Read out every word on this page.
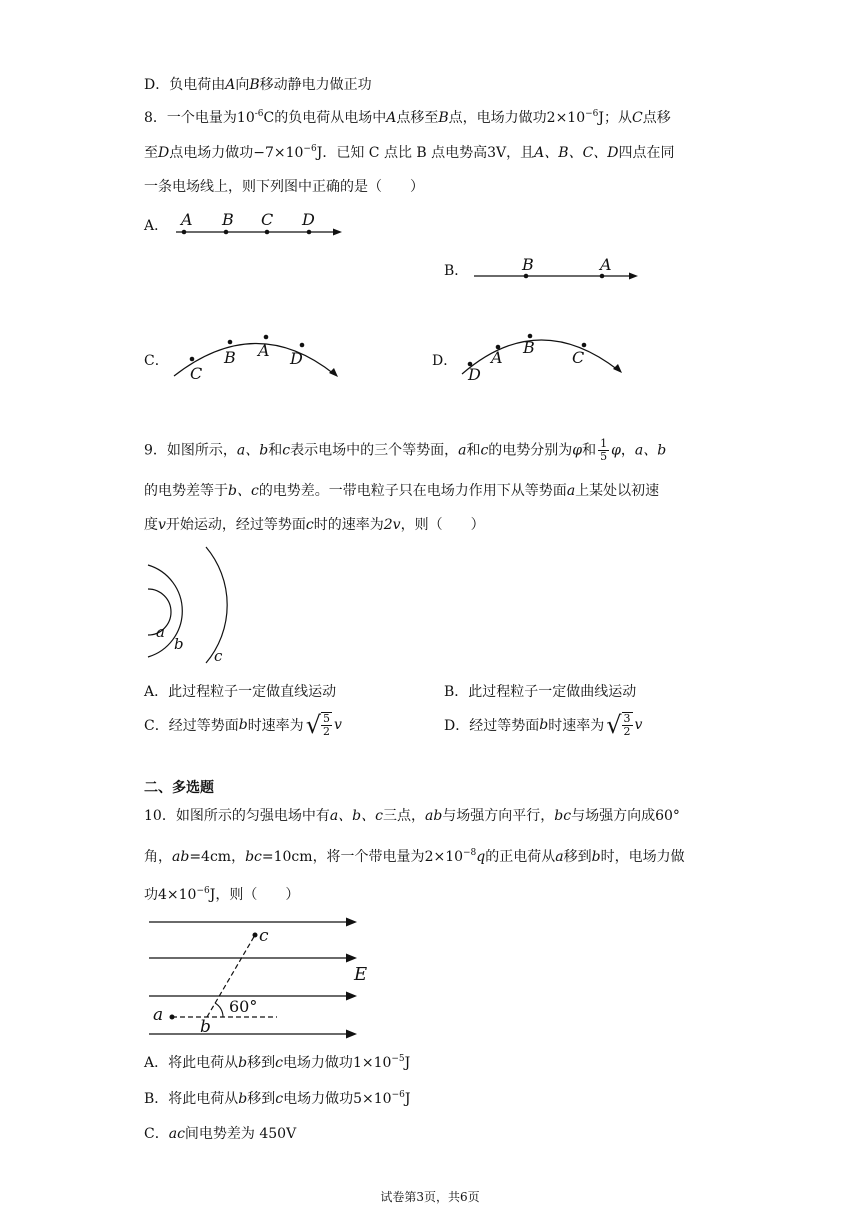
D．负电荷由A向B移动静电力做正功
8．一个电量为$10^{-6}C$的负电荷从电场中A点移至B点，电场力做功$2\times 10^{-6}J$；从C点移
至D点电场力做功$-7\times 10^{-6}J$．已知 C 点比 B 点电势高3V，且A、B、C、D四点在同
一条电场线上，则下列图中正确的是（　　）
A． A B C D
B．	B	A
C．
C
B A D	D．
D
A
B
C
9．如图所示，a、b和c表示电场中的三个等势面，a和c的电势分别为φ和 $\frac{1}{5}$ φ，a、b
的电势差等于b、c的电势差。一带电粒子只在电场力作用下从等势面a上某处以初速
度v开始运动，经过等势面c时的速率为2v，则（　　）
a
b
c
A．此过程粒子一定做直线运动	B．此过程粒子一定做曲线运动
C．经过等势面 b 时速率为 √ $\frac{5}{2}$ v	D．经过等势面 b 时速率为 √ $\frac{3}{2}$ v
二、多选题
10．如图所示的匀强电场中有a、b、c三点，ab与场强方向平行，bc与场强方向成60°
角，ab=4cm，bc=10cm，将一个带电量为$2\times 10^{-8}q$的正电荷从a移到b时，电场力做
功$4\times 10^{-6}J$，则（　　）
c
E
60°
a
b
A．将此电荷从b移到c电场力做功$1\times 10^{-5}J$
B．将此电荷从b移到c电场力做功$5\times 10^{-6}J$
C．ac间电势差为 450V
试卷第3页，共6页
